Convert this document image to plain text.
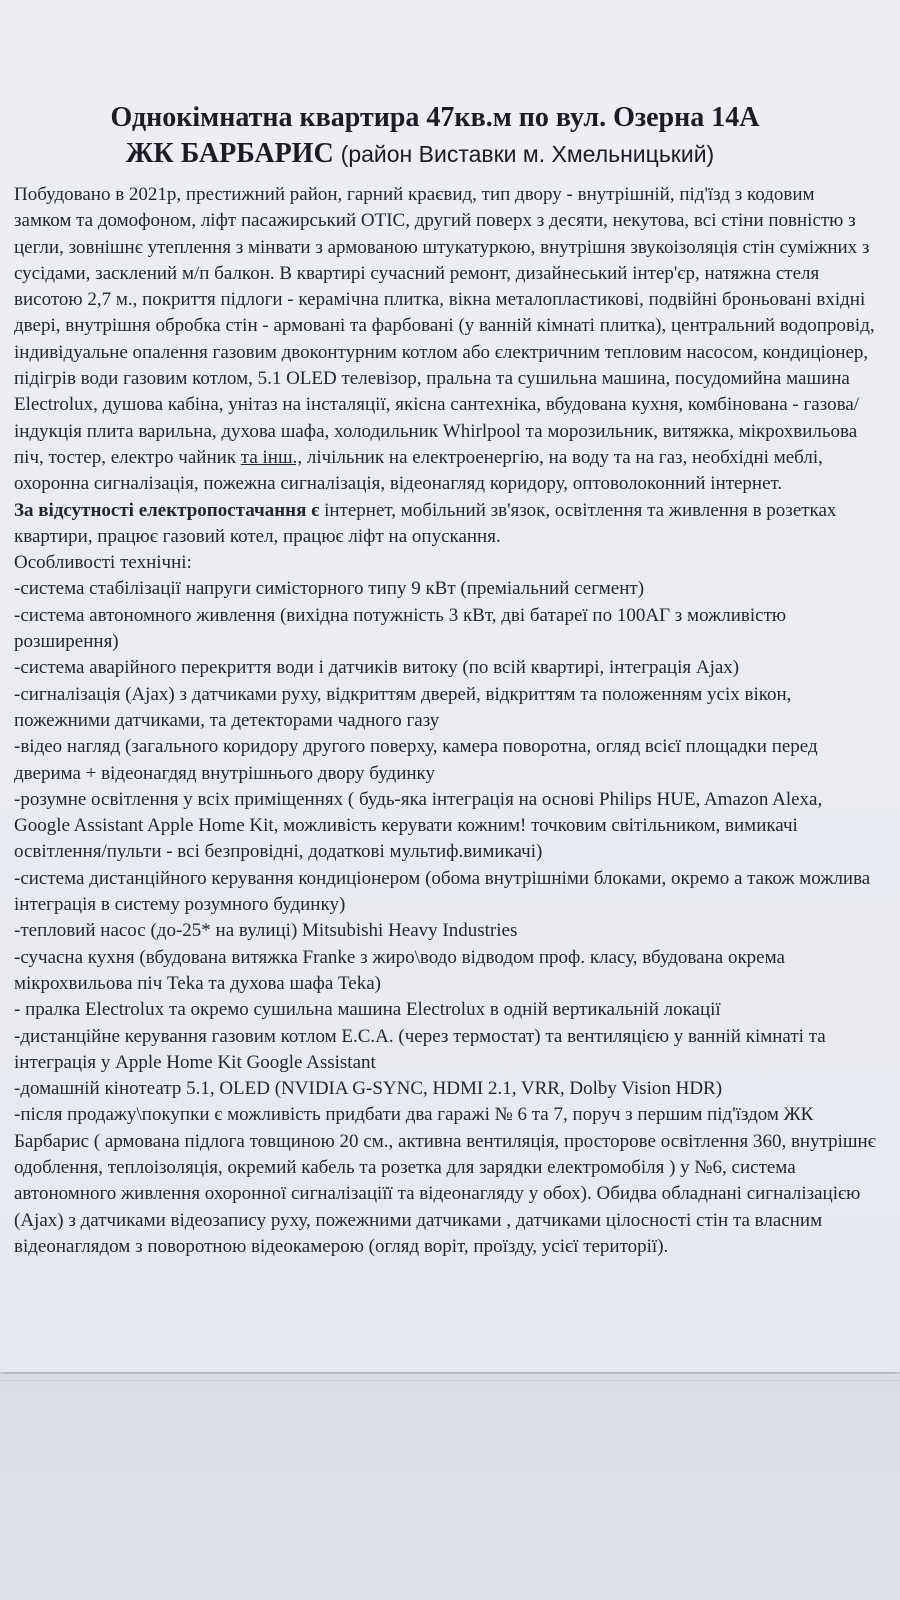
Однокімнатна квартира 47кв.м по вул. Озерна 14А
ЖК БАРБАРИС (район Виставки м. Хмельницький)

Побудовано в 2021р, престижний район, гарний краєвид, тип двору - внутрішній, під'їзд з кодовим замком та домофоном, ліфт пасажирський ОТІС, другий поверх з десяти, некутова, всі стіни повністю з цегли, зовнішнє утеплення з мінвати з армованою штукатуркою, внутрішня звукоізоляція стін суміжних з сусідами, засклений м/п балкон. В квартирі сучасний ремонт, дизайнеський інтер'єр, натяжна стеля висотою 2,7 м., покриття підлоги - керамічна плитка, вікна металопластикові, подвійні броньовані вхідні двері, внутрішня обробка стін - армовані та фарбовані (у ванній кімнаті плитка), центральний водопровід, індивідуальне опалення газовим двоконтурним котлом або єлектричним тепловим насосом, кондиціонер, підігрів води газовим котлом, 5.1 OLED телевізор, пральна та сушильна машина, посудомийна машина Electrolux, душова кабіна, унітаз на інсталяції, якісна сантехніка, вбудована кухня, комбінована - газова/індукція плита варильна, духова шафа, холодильник Whirlpool та морозильник, витяжка, мікрохвильова піч, тостер, електро чайник та інш., лічільник на електроенергію, на воду та на газ, необхідні меблі, охоронна сигналізація, пожежна сигналізація, відеонагляд коридору, оптоволоконний інтернет.

За відсутності електропостачання є інтернет, мобільний зв'язок, освітлення та живлення в розетках квартири, працює газовий котел, працює ліфт на опускання.

Особливості технічні:

-система стабілізації напруги симісторного типу 9 кВт (преміальний сегмент)

-система автономного живлення (вихідна потужність 3 кВт, дві батареї по 100АГ з можливістю розширення)

-система аварійного перекриття води і датчиків витоку (по всій квартирі, інтеграція Ajax)

-сигналізація (Ajax) з датчиками руху, відкриттям дверей, відкриттям та положенням усіх вікон, пожежними датчиками, та детекторами чадного газу

-відео нагляд (загального коридору другого поверху, камера поворотна, огляд всієї площадки перед дверима + відеонагдяд внутрішнього двору будинку

-розумне освітлення у всіх приміщеннях ( будь-яка інтеграція на основі Philips HUE, Amazon Alexa, Google Assistant Apple Home Kit, можливість керувати кожним! точковим світільником, вимикачі освітлення/пульти - всі безпровідні, додаткові мультиф.вимикачі)

-система дистанційного керування кондиціонером (обома внутрішніми блоками, окремо а також можлива інтеграція в систему розумного будинку)

-тепловий насос (до-25* на вулиці) Mitsubishi Heavy Industries

-сучасна кухня (вбудована витяжка Franke з жиро\водо відводом проф. класу, вбудована окрема мікрохвильова піч Teka та духова шафа Teka)

- пралка Electrolux та окремо сушильна машина Electrolux в одній вертикальній локації

-дистанційне керування газовим котлом E.C.A. (через термостат) та вентиляцією у ванній кімнаті та інтеграція у Apple Home Kit Google Assistant

-домашній кінотеатр 5.1, OLED (NVIDIA G-SYNC, HDMI 2.1, VRR, Dolby Vision HDR)

-після продажу\покупки є можливість придбати два гаражі № 6 та 7, поруч з першим під'їздом ЖК Барбарис ( армована підлога товщиною 20 см., активна вентиляція, просторове освітлення 360, внутрішнє одоблення, теплоізоляція, окремий кабель та розетка для зарядки електромобіля ) у №6, система автономного живлення охоронної сигналізаціїї та відеонагляду у обох). Обидва обладнані сигналізацією (Ajax) з датчиками відеозапису руху, пожежними датчиками , датчиками цілосності стін та власним відеонаглядом з поворотною відеокамерою (огляд воріт, проїзду, усієї території).
